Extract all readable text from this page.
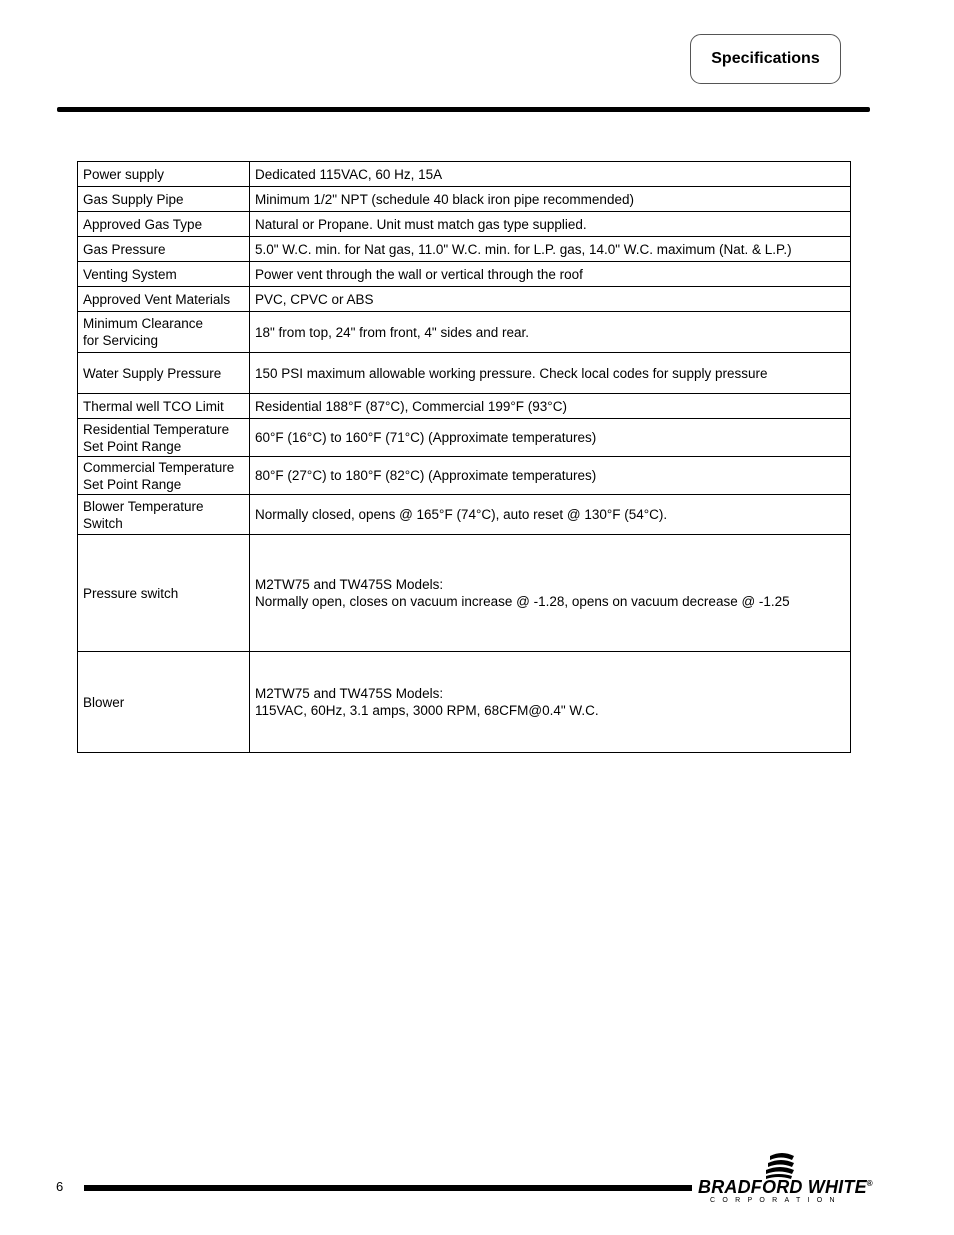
Specifications
Power supply	Dedicated 115VAC, 60 Hz, 15A
Gas Supply Pipe	Minimum 1/2" NPT (schedule 40 black iron pipe recommended)
Approved Gas Type	Natural or Propane. Unit must match gas type supplied.
Gas Pressure	5.0" W.C. min. for Nat gas, 11.0" W.C. min. for L.P. gas, 14.0" W.C. maximum (Nat. & L.P.)
Venting System	Power vent through the wall or vertical through the roof
Approved Vent Materials	PVC, CPVC or ABS
Minimum Clearance
for Servicing	18" from top, 24" from front, 4" sides and rear.
Water Supply Pressure	150 PSI maximum allowable working pressure. Check local codes for supply pressure
Thermal well TCO Limit	Residential 188°F (87°C), Commercial 199°F (93°C)
Residential Temperature
Set Point Range	60°F (16°C) to 160°F (71°C) (Approximate temperatures)
Commercial Temperature
Set Point Range	80°F (27°C) to 180°F (82°C) (Approximate temperatures)
Blower Temperature
Switch	Normally closed, opens @ 165°F (74°C), auto reset @ 130°F (54°C).
Pressure switch	M2TW75 and TW475S Models:
Normally open, closes on vacuum increase @ -1.28, opens on vacuum decrease @ -1.25
Blower	M2TW75 and TW475S Models:
115VAC, 60Hz, 3.1 amps, 3000 RPM, 68CFM@0.4" W.C.
6	BRADFORD WHITE®
CORPORATION
